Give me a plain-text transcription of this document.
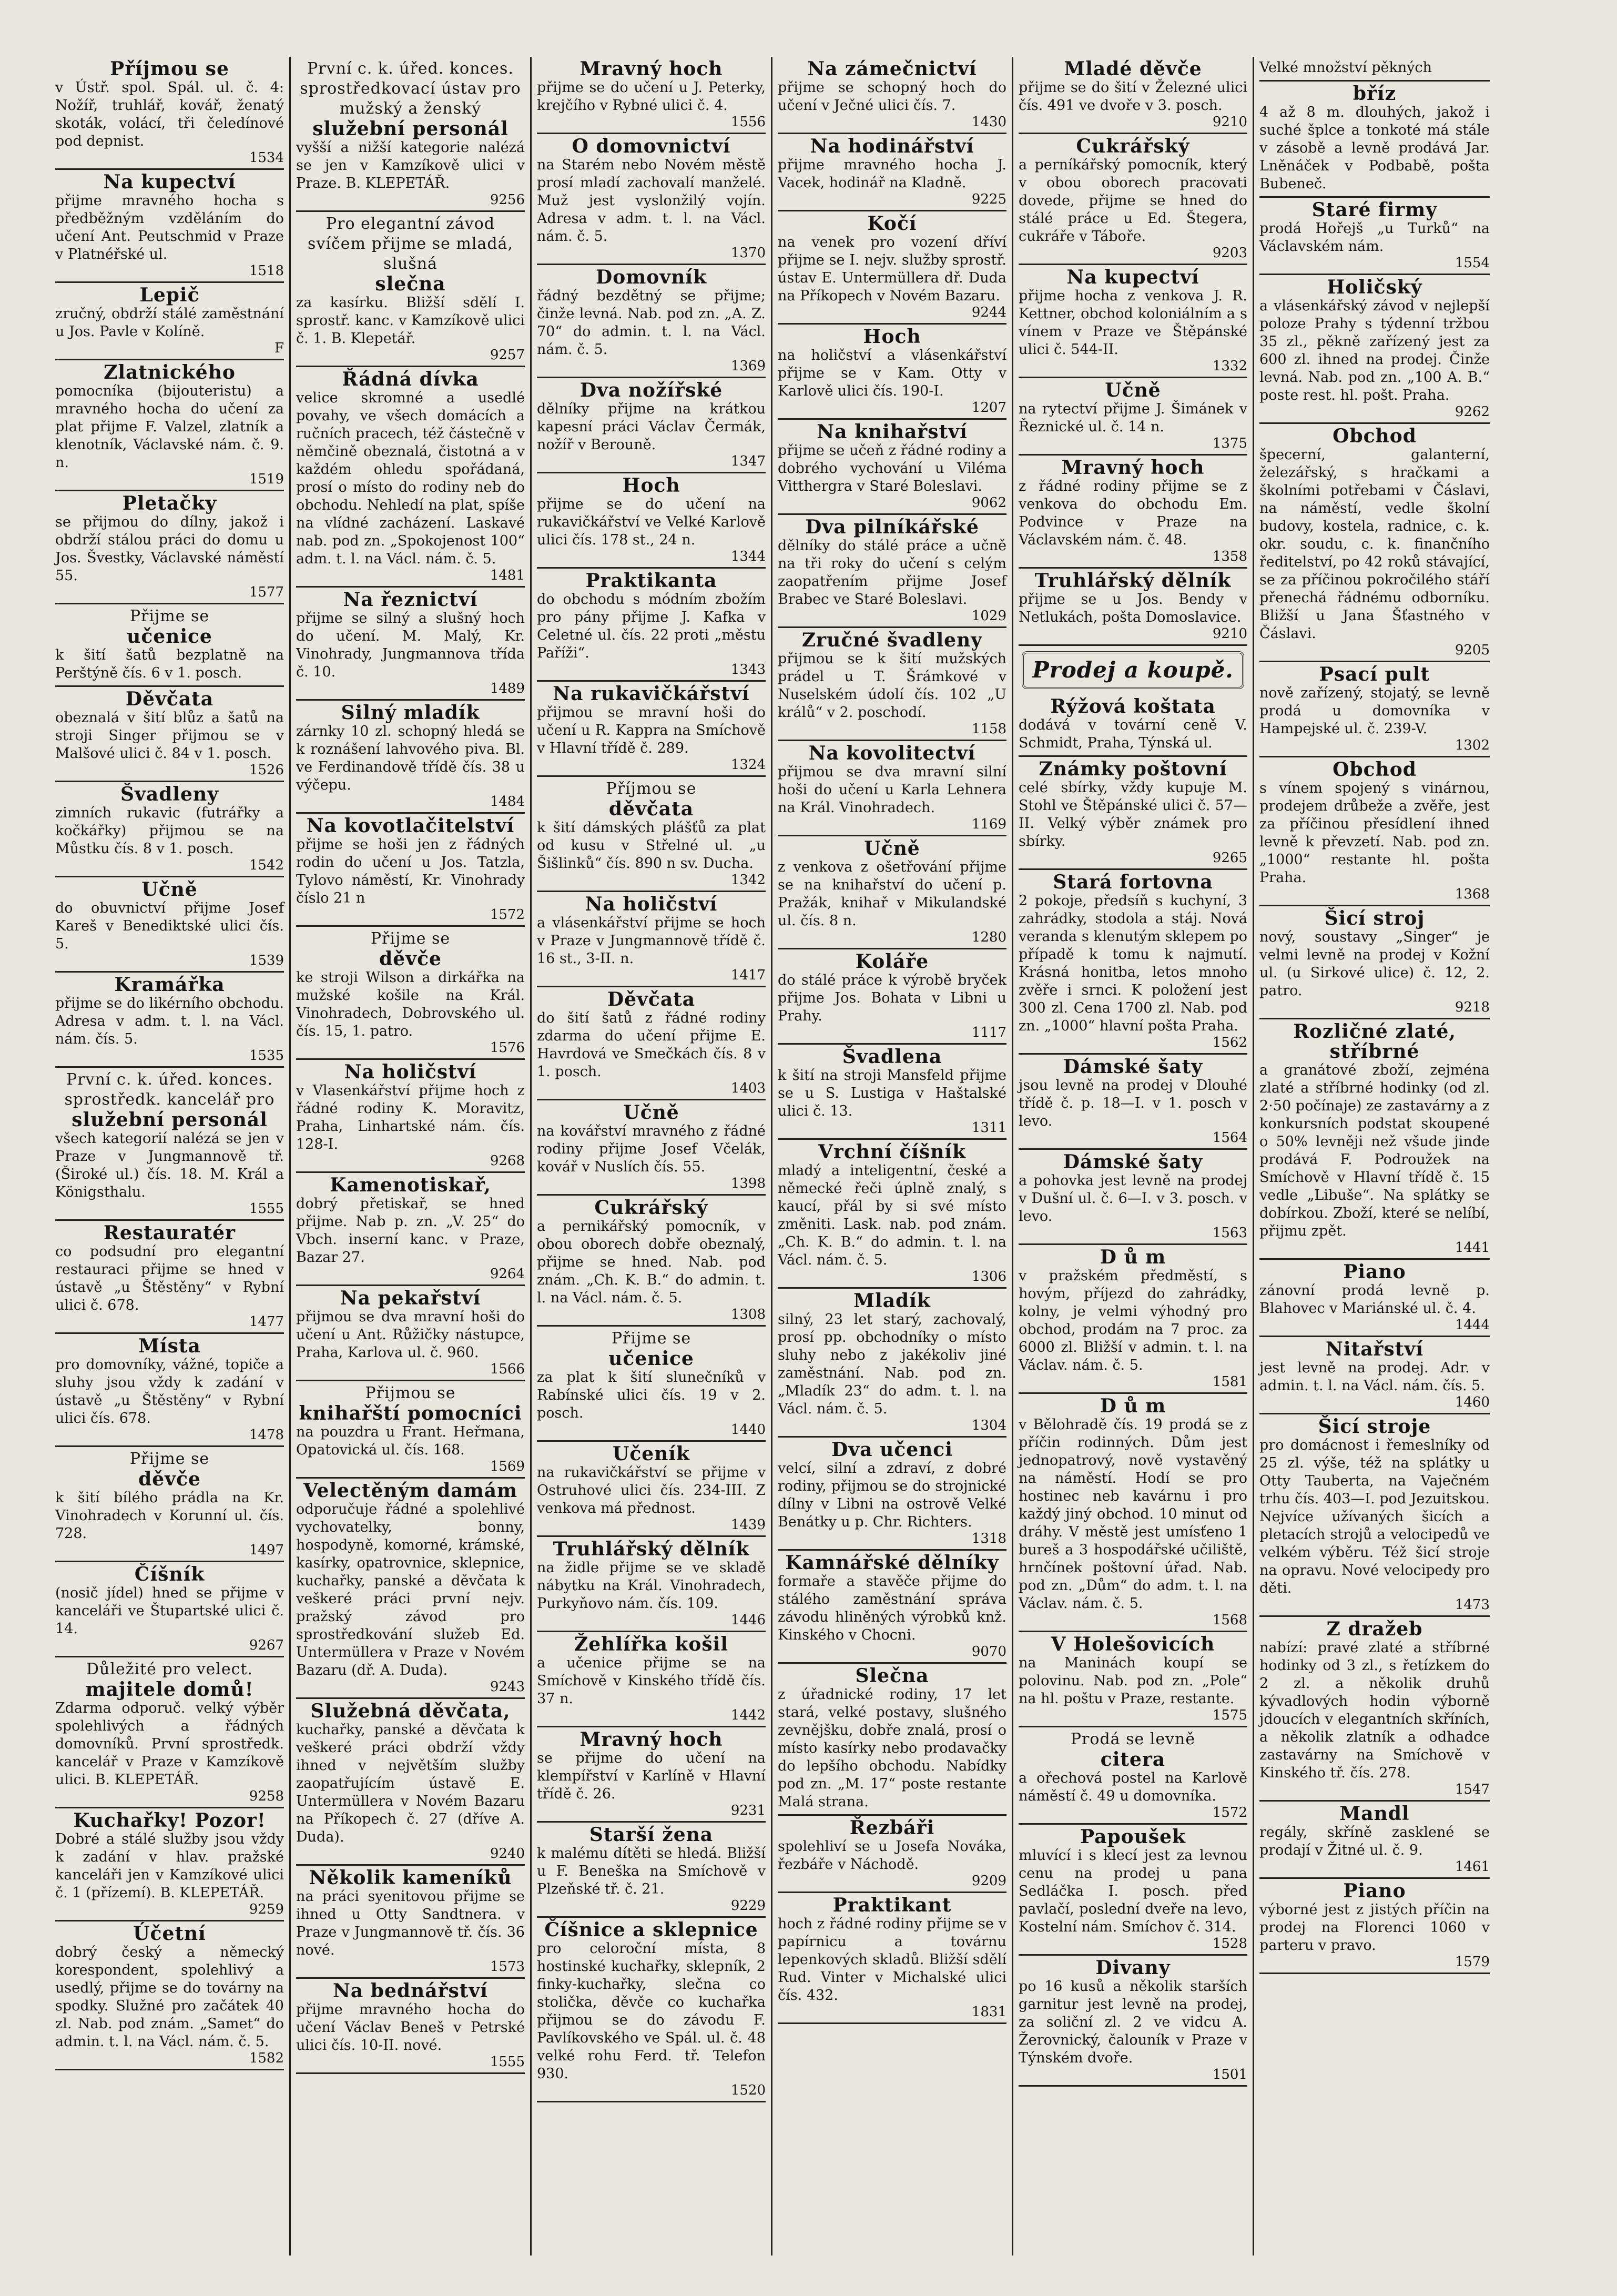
Příjmou se
v Ústř. spol. Spál. ul. č. 4: Nožíř, truhlář, kovář, ženatý skoták, volácí, tři čeledínové pod depnist.
1534
Na kupectví
přijme mravného hocha s předběžným vzděláním do učení Ant. Peutschmid v Praze v Platnéřské ul.
1518
Lepič
zručný, obdrží stálé zaměstnání u Jos. Pavle v Kolíně.
F
Zlatnického
pomocníka (bijouteristu) a mravného hocha do učení za plat přijme F. Valzel, zlatník a klenotník, Václavské nám. č. 9. n.
1519
Pletačky
se přijmou do dílny, jakož i obdrží stálou práci do domu u Jos. Švestky, Václavské náměstí 55.
1577
Přijme se
učenice
k šití šatů bezplatně na Perštýně čís. 6 v 1. posch.
Děvčata
obeznalá v šití blůz a šatů na stroji Singer přijmou se v Malšové ulici č. 84 v 1. posch.
1526
Švadleny
zimních rukavic (futrářky a kočkářky) přijmou se na Můstku čís. 8 v 1. posch.
1542
Učně
do obuvnictví přijme Josef Kareš v Benediktské ulici čís. 5.
1539
Kramářka
přijme se do likérního obchodu. Adresa v adm. t. l. na Václ. nám. čís. 5.
1535
První c. k. úřed. konces. sprostředk. kancelář pro
služební personál
všech kategorií nalézá se jen v Praze v Jungmannově tř. (Široké ul.) čís. 18. M. Král a Königsthalu.
1555
Restauratér
co podsudní pro elegantní restauraci přijme se hned v ústavě „u Štěstěny“ v Rybní ulici č. 678.
1477
Místa
pro domovníky, vážné, topiče a sluhy jsou vždy k zadání v ústavě „u Štěstěny“ v Rybní ulici čís. 678.
1478
Přijme se
děvče
k šití bílého prádla na Kr. Vinohradech v Korunní ul. čís. 728.
1497
Číšník
(nosič jídel) hned se přijme v kanceláři ve Štupartské ulici č. 14.
9267
Důležité pro velect.
majitele domů!
Zdarma odporuč. velký výběr spolehlivých a řádných domovníků. První sprostředk. kancelář v Praze v Kamzíkově ulici. B. KLEPETÁŘ.
9258
Kuchařky! Pozor!
Dobré a stálé služby jsou vždy k zadání v hlav. pražské kanceláři jen v Kamzíkové ulici č. 1 (přízemí). B. KLEPETÁŘ.
9259
Účetní
dobrý český a německý korespondent, spolehlivý a usedlý, přijme se do továrny na spodky. Služné pro začátek 40 zl. Nab. pod znám. „Samet“ do admin. t. l. na Václ. nám. č. 5.
1582
První c. k. úřed. konces. sprostředkovací ústav pro mužský a ženský
služební personál
vyšší a nižší kategorie nalézá se jen v Kamzíkově ulici v Praze. B. KLEPETÁŘ.
9256
Pro elegantní závod svíčem přijme se mladá, slušná
slečna
za kasírku. Bližší sdělí I. sprostř. kanc. v Kamzíkově ulici č. 1. B. Klepetář.
9257
Řádná dívka
velice skromné a usedlé povahy, ve všech domácích a ručních pracech, též částečně v němčině obeznalá, čistotná a v každém ohledu spořádaná, prosí o místo do rodiny neb do obchodu. Nehledí na plat, spíše na vlídné zacházení. Laskavé nab. pod zn. „Spokojenost 100“ adm. t. l. na Václ. nám. č. 5.
1481
Na řeznictví
přijme se silný a slušný hoch do učení. M. Malý, Kr. Vinohrady, Jungmannova třída č. 10.
1489
Silný mladík
zárnky 10 zl. schopný hledá se k roznášení lahvového piva. Bl. ve Ferdinandově třídě čís. 38 u výčepu.
1484
Na kovotlačitelství
přijme se hoši jen z řádných rodin do učení u Jos. Tatzla, Tylovo náměstí, Kr. Vinohrady číslo 21 n
1572
Přijme se
děvče
ke stroji Wilson a dirkářka na mužské košile na Král. Vinohradech, Dobrovského ul. čís. 15, 1. patro.
1576
Na holičství
v Vlasenkářství přijme hoch z řádné rodiny K. Moravitz, Praha, Linhartské nám. čís. 128-I.
9268
Kamenotiskař,
dobrý přetiskař, se hned přijme. Nab p. zn. „V. 25“ do Vbch. inserní kanc. v Praze, Bazar 27.
9264
Na pekařství
přijmou se dva mravní hoši do učení u Ant. Růžičky nástupce, Praha, Karlova ul. č. 960.
1566
Přijmou se
knihařští pomocníci
na pouzdra u Frant. Heřmana, Opatovická ul. čís. 168.
1569
Velectěným damám
odporučuje řádné a spolehlivé vychovatelky, bonny, hospodyně, komorné, krámské, kasírky, opatrovnice, sklepnice, kuchařky, panské a děvčata k veškeré práci první nejv. pražský závod pro sprostředkování služeb Ed. Untermüllera v Praze v Novém Bazaru (dř. A. Duda).
9243
Služebná děvčata,
kuchařky, panské a děvčata k veškeré práci obdrží vždy ihned v největším služby zaopatřujícím ústavě E. Untermüllera v Novém Bazaru na Příkopech č. 27 (dříve A. Duda).
9240
Několik kameníků
na práci syenitovou přijme se ihned u Otty Sandtnera. v Praze v Jungmannově tř. čís. 36 nové.
1573
Na bednářství
přijme mravného hocha do učení Václav Beneš v Petrské ulici čís. 10-II. nové.
1555
Mravný hoch
přijme se do učení u J. Peterky, krejčího v Rybné ulici č. 4.
1556
O domovnictví
na Starém nebo Novém městě prosí mladí zachovalí manželé. Muž jest vyslonžilý vojín. Adresa v adm. t. l. na Václ. nám. č. 5.
1370
Domovník
řádný bezdětný se přijme; činže levná. Nab. pod zn. „A. Z. 70“ do admin. t. l. na Václ. nám. č. 5.
1369
Dva nožířské
dělníky přijme na krátkou kapesní práci Václav Čermák, nožíř v Berouně.
1347
Hoch
přijme se do učení na rukavičkářství ve Velké Karlově ulici čís. 178 st., 24 n.
1344
Praktikanta
do obchodu s módním zbožím pro pány přijme J. Kafka v Celetné ul. čís. 22 proti „městu Paříži“.
1343
Na rukavičkářství
přijmou se mravní hoši do učení u R. Kappra na Smíchově v Hlavní třídě č. 289.
1324
Příjmou se
děvčata
k šití dámských plášťů za plat od kusu v Střelné ul. „u Šišlinků“ čís. 890 n sv. Ducha.
1342
Na holičství
a vlásenkářství přijme se hoch v Praze v Jungmannově třídě č. 16 st., 3-II. n.
1417
Děvčata
do šití šatů z řádné rodiny zdarma do učení přijme E. Havrdová ve Smečkách čís. 8 v 1. posch.
1403
Učně
na kovářství mravného z řádné rodiny přijme Josef Včelák, kovář v Nuslích čís. 55.
1398
Cukrářský
a pernikářský pomocník, v obou oborech dobře obeznalý, přijme se hned. Nab. pod znám. „Ch. K. B.“ do admin. t. l. na Václ. nám. č. 5.
1308
Přijme se
učenice
za plat k šití slunečníků v Rabínské ulici čís. 19 v 2. posch.
1440
Učeník
na rukavičkářství se přijme v Ostruhové ulici čís. 234-III. Z venkova má přednost.
1439
Truhlářský dělník
na židle přijme se ve skladě nábytku na Král. Vinohradech, Purkyňovo nám. čís. 109.
1446
Žehlířka košil
a učenice přijme se na Smíchově v Kinského třídě čís. 37 n.
1442
Mravný hoch
se přijme do učení na klempířství v Karlíně v Hlavní třídě č. 26.
9231
Starší žena
k malému dítěti se hledá. Bližší u F. Beneška na Smíchově v Plzeňské tř. č. 21.
9229
Číšnice a sklepnice
pro celoroční místa, 8 hostinské kuchařky, sklepník, 2 finky-kuchařky, slečna co stolička, děvče co kuchařka přijmou se do závodu F. Pavlíkovského ve Spál. ul. č. 48 velké rohu Ferd. tř. Telefon 930.
1520
Na zámečnictví
přijme se schopný hoch do učení v Ječné ulici čís. 7.
1430
Na hodinářství
přijme mravného hocha J. Vacek, hodinář na Kladně.
9225
Kočí
na venek pro vození dříví přijme se I. nejv. služby sprostř. ústav E. Untermüllera dř. Duda na Příkopech v Novém Bazaru.
9244
Hoch
na holičství a vlásenkářství přijme se v Kam. Otty v Karlově ulici čís. 190-I.
1207
Na knihařství
přijme se učeň z řádné rodiny a dobrého vychování u Viléma Vitthergra v Staré Boleslavi.
9062
Dva pilníkářské
dělníky do stálé práce a učně na tři roky do učení s celým zaopatřením přijme Josef Brabec ve Staré Boleslavi.
1029
Zručné švadleny
přijmou se k šití mužských prádel u T. Šrámkové v Nuselském údolí čís. 102 „U králů“ v 2. poschodí.
1158
Na kovolitectví
přijmou se dva mravní silní hoši do učení u Karla Lehnera na Král. Vinohradech.
1169
Učně
z venkova z ošetřování přijme se na knihařství do učení p. Pražák, knihař v Mikulandské ul. čís. 8 n.
1280
Koláře
do stálé práce k výrobě bryček přijme Jos. Bohata v Libni u Prahy.
1117
Švadlena
k šití na stroji Mansfeld přijme se u S. Lustiga v Haštalské ulici č. 13.
1311
Vrchní číšník
mladý a inteligentní, české a německé řeči úplně znalý, s kaucí, přál by si své místo změniti. Lask. nab. pod znám. „Ch. K. B.“ do admin. t. l. na Václ. nám. č. 5.
1306
Mladík
silný, 23 let starý, zachovalý, prosí pp. obchodníky o místo sluhy nebo z jakékoliv jiné zaměstnání. Nab. pod zn. „Mladík 23“ do adm. t. l. na Václ. nám. č. 5.
1304
Dva učenci
velcí, silní a zdraví, z dobré rodiny, přijmou se do strojnické dílny v Libni na ostrově Velké Benátky u p. Chr. Richters.
1318
Kamnářské dělníky
formaře a stavěče přijme do stálého zaměstnání správa závodu hliněných výrobků knž. Kinského v Chocni.
9070
Slečna
z úřadnické rodiny, 17 let stará, velké postavy, slušného zevnějšku, dobře znalá, prosí o místo kasírky nebo prodavačky do lepšího obchodu. Nabídky pod zn. „M. 17“ poste restante Malá strana.
Řezbáři
spolehliví se u Josefa Nováka, řezbáře v Náchodě.
9209
Praktikant
hoch z řádné rodiny přijme se v papírnicu a továrnu lepenkových skladů. Bližší sdělí Rud. Vinter v Michalské ulici čís. 432.
1831
Mladé děvče
přijme se do šití v Železné ulici čís. 491 ve dvoře v 3. posch.
9210
Cukrářský
a perníkářský pomocník, který v obou oborech pracovati dovede, přijme se hned do stálé práce u Ed. Štegera, cukráře v Táboře.
9203
Na kupectví
přijme hocha z venkova J. R. Kettner, obchod koloniálním a s vínem v Praze ve Štěpánské ulici č. 544-II.
1332
Učně
na rytectví přijme J. Šimánek v Řeznické ul. č. 14 n.
1375
Mravný hoch
z řádné rodiny přijme se z venkova do obchodu Em. Podvince v Praze na Václavském nám. č. 48.
1358
Truhlářský dělník
přijme se u Jos. Bendy v Netlukách, pošta Domoslavice.
9210
Prodej a koupě.
Rýžová koštata
dodává v tovární ceně V. Schmidt, Praha, Týnská ul.
Známky poštovní
celé sbírky, vždy kupuje M. Stohl ve Štěpánské ulici č. 57—II. Velký výběr známek pro sbírky.
9265
Stará fortovna
2 pokoje, předsíň s kuchyní, 3 zahrádky, stodola a stáj. Nová veranda s klenutým sklepem po případě k tomu k najmutí. Krásná honitba, letos mnoho zvěře i srnci. K položení jest 300 zl. Cena 1700 zl. Nab. pod zn. „1000“ hlavní pošta Praha.
1562
Dámské šaty
jsou levně na prodej v Dlouhé třídě č. p. 18—I. v 1. posch v levo.
1564
Dámské šaty
a pohovka jest levně na prodej v Dušní ul. č. 6—I. v 3. posch. v levo.
1563
D ů m
v pražském předměstí, s hovým, příjezd do zahrádky, kolny, je velmi výhodný pro obchod, prodám na 7 proc. za 6000 zl. Bližší v admin. t. l. na Václav. nám. č. 5.
1581
D ů m
v Bělohradě čís. 19 prodá se z příčin rodinných. Dům jest jednopatrový, nově vystavěný na náměstí. Hodí se pro hostinec neb kavárnu i pro každý jiný obchod. 10 minut od dráhy. V městě jest umísťeno 1 bureš a 3 hospodářské učiliště, hrnčínek poštovní úřad. Nab. pod zn. „Dům“ do adm. t. l. na Václav. nám. č. 5.
1568
V Holešovicích
na Maninách koupí se polovinu. Nab. pod zn. „Pole“ na hl. poštu v Praze, restante.
1575
Prodá se levně
citera
a ořechová postel na Karlově náměstí č. 49 u domovníka.
1572
Papoušek
mluvící i s klecí jest za levnou cenu na prodej u pana Sedláčka I. posch. před pavlačí, poslední dveře na levo, Kostelní nám. Smíchov č. 314.
1528
Divany
po 16 kusů a několik starších garnitur jest levně na prodej, za soliční zl. 2 ve vidcu A. Žerovnický, čalouník v Praze v Týnském dvoře.
1501
Velké množství pěkných
bříz
4 až 8 m. dlouhých, jakož i suché šplce a tonkoté má stále v zásobě a levně prodává Jar. Lněnáček v Podbabě, pošta Bubeneč.
Staré firmy
prodá Hořejš „u Turků“ na Václavském nám.
1554
Holičský
a vlásenkářský závod v nejlepší poloze Prahy s týdenní tržbou 35 zl., pěkně zařízený jest za 600 zl. ihned na prodej. Činže levná. Nab. pod zn. „100 A. B.“ poste rest. hl. pošt. Praha.
9262
Obchod
špecerní, galanterní, železářský, s hračkami a školními potřebami v Čáslavi, na náměstí, vedle školní budovy, kostela, radnice, c. k. okr. soudu, c. k. finančního ředitelství, po 42 roků stávající, se za příčinou pokročilého stáří přenechá řádnému odborníku. Bližší u Jana Šťastného v Čáslavi.
9205
Psací pult
nově zařízený, stojatý, se levně prodá u domovníka v Hampejské ul. č. 239-V.
1302
Obchod
s vínem spojený s vinárnou, prodejem drůbeže a zvěře, jest za příčinou přesídlení ihned levně k převzetí. Nab. pod zn. „1000“ restante hl. pošta Praha.
1368
Šicí stroj
nový, soustavy „Singer“ je velmi levně na prodej v Kožní ul. (u Sirkové ulice) č. 12, 2. patro.
9218
Rozličné zlaté, stříbrné
a granátové zboží, zejména zlaté a stříbrné hodinky (od zl. 2·50 počínaje) ze zastavárny a z konkursních podstat skoupené o 50% levněji než všude jinde prodává F. Podroužek na Smíchově v Hlavní třídě č. 15 vedle „Libuše“. Na splátky se dobírkou. Zboží, které se nelíbí, přijmu zpět.
1441
Piano
zánovní prodá levně p. Blahovec v Mariánské ul. č. 4.
1444
Nitařství
jest levně na prodej. Adr. v admin. t. l. na Václ. nám. čís. 5.
1460
Šicí stroje
pro domácnost i řemeslníky od 25 zl. výše, též na splátky u Otty Tauberta, na Vaječném trhu čís. 403—I. pod Jezuitskou. Nejvíce užívaných šicích a pletacích strojů a velocipedů ve velkém výběru. Též šicí stroje na opravu. Nové velocipedy pro děti.
1473
Z dražeb
nabízí: pravé zlaté a stříbrné hodinky od 3 zl., s řetízkem do 2 zl. a několik druhů kývadlových hodin výborně jdoucích v elegantních skříních, a několik zlatník a odhadce zastavárny na Smíchově v Kinského tř. čís. 278.
1547
Mandl
regály, skříně zasklené se prodají v Žitné ul. č. 9.
1461
Piano
výborné jest z jistých příčin na prodej na Florenci 1060 v parteru v pravo.
1579
